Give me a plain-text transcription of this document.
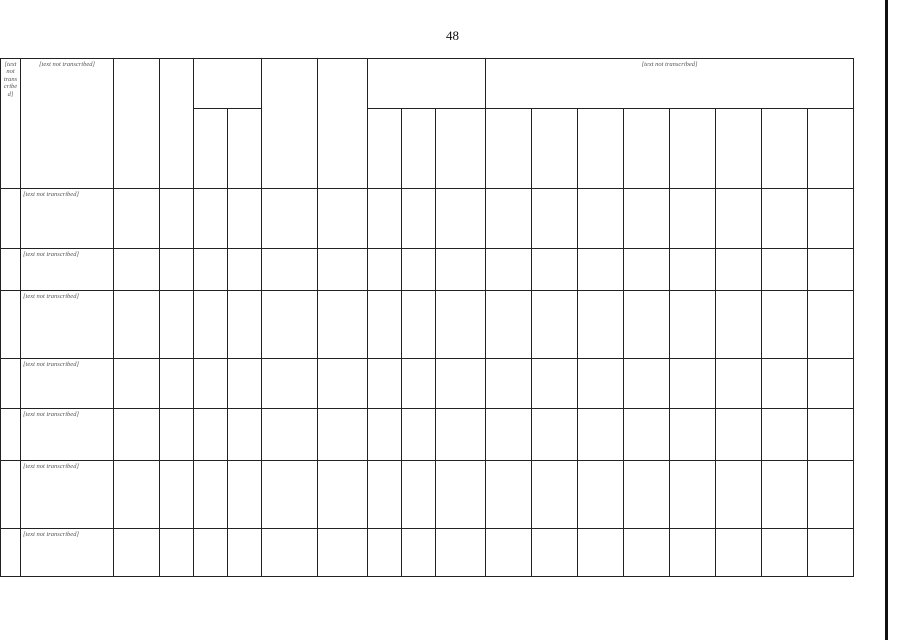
48
[text not transcribed]	[text not transcribed]										[text not transcribed]							

	[text not transcribed]																	
	[text not transcribed]																	
	[text not transcribed]																	
	[text not transcribed]																	
	[text not transcribed]																	
	[text not transcribed]																	
	[text not transcribed]																	
